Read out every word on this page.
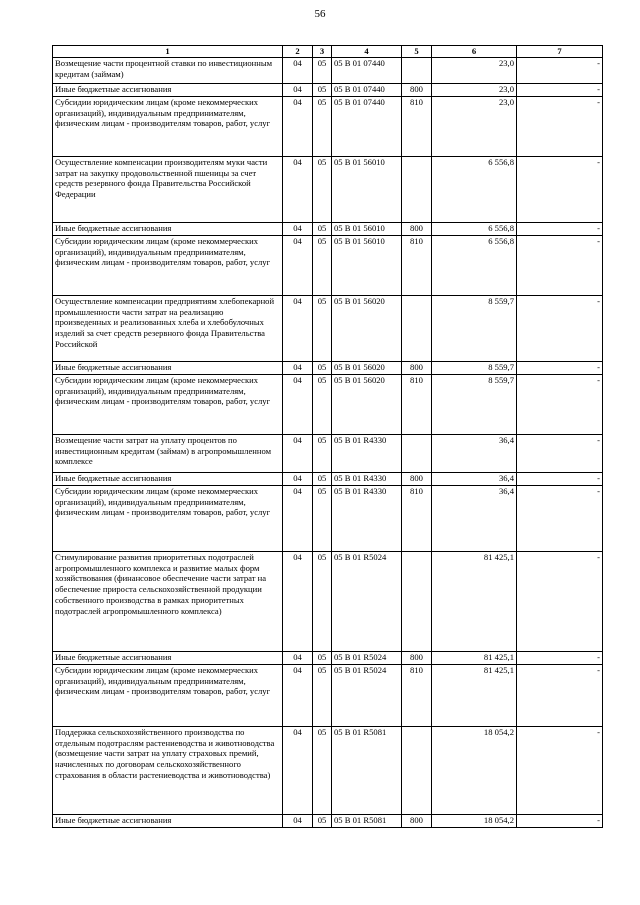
56
1	2	3	4	5	6	7
Возмещение части процентной ставки по инвестиционным кредитам (займам)	04	05	05 В 01 07440		23,0	-
Иные бюджетные ассигнования	04	05	05 В 01 07440	800	23,0	-
Субсидии юридическим лицам (кроме некоммерческих организаций), индивидуальным предпринимателям, физическим лицам - производителям товаров, работ, услуг	04	05	05 В 01 07440	810	23,0	-
Осуществление компенсации производителям муки части затрат на закупку продовольственной пшеницы за счет средств резервного фонда Правительства Российской Федерации	04	05	05 В 01 56010		6 556,8	-
Иные бюджетные ассигнования	04	05	05 В 01 56010	800	6 556,8	-
Субсидии юридическим лицам (кроме некоммерческих организаций), индивидуальным предпринимателям, физическим лицам - производителям товаров, работ, услуг	04	05	05 В 01 56010	810	6 556,8	-
Осуществление компенсации предприятиям хлебопекарной промышленности части затрат на реализацию произведенных и реализованных хлеба и хлебобулочных изделий за счет средств резервного фонда Правительства Российской	04	05	05 В 01 56020		8 559,7	-
Иные бюджетные ассигнования	04	05	05 В 01 56020	800	8 559,7	-
Субсидии юридическим лицам (кроме некоммерческих организаций), индивидуальным предпринимателям, физическим лицам - производителям товаров, работ, услуг	04	05	05 В 01 56020	810	8 559,7	-
Возмещение части затрат на уплату процентов по инвестиционным кредитам (займам) в агропромышленном комплексе	04	05	05 В 01 R4330		36,4	-
Иные бюджетные ассигнования	04	05	05 В 01 R4330	800	36,4	-
Субсидии юридическим лицам (кроме некоммерческих организаций), индивидуальным предпринимателям, физическим лицам - производителям товаров, работ, услуг	04	05	05 В 01 R4330	810	36,4	-
Стимулирование развития приоритетных подотраслей агропромышленного комплекса и развитие малых форм хозяйствования (финансовое обеспечение части затрат на обеспечение прироста сельскохозяйственной продукции собственного производства в рамках приоритетных подотраслей агропромышленного комплекса)	04	05	05 В 01 R5024		81 425,1	-
Иные бюджетные ассигнования	04	05	05 В 01 R5024	800	81 425,1	-
Субсидии юридическим лицам (кроме некоммерческих организаций), индивидуальным предпринимателям, физическим лицам - производителям товаров, работ, услуг	04	05	05 В 01 R5024	810	81 425,1	-
Поддержка сельскохозяйственного производства по отдельным подотраслям растениеводства и животноводства (возмещение части затрат на уплату страховых премий, начисленных по договорам сельскохозяйственного страхования в области растениеводства и животноводства)	04	05	05 В 01 R5081		18 054,2	-
Иные бюджетные ассигнования	04	05	05 В 01 R5081	800	18 054,2	-
